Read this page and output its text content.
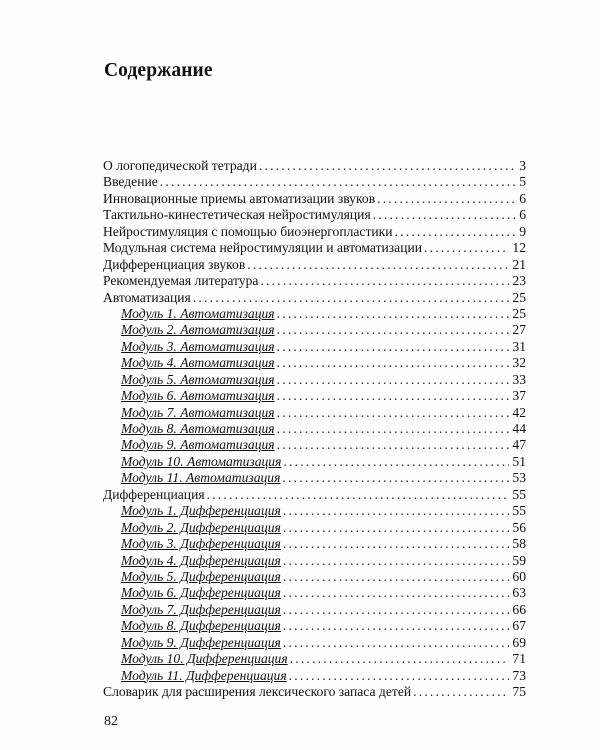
Содержание
О логопедической тетради . . .	3
Введение . . .	5
Инновационные приемы автоматизации звуков . . .	6
Тактильно-кинестетическая нейростимуляция . . .	6
Нейростимуляция с помощью биоэнергопластики . . .	9
Модульная система нейростимуляции и автоматизации . . .	12
Дифференциация звуков . . .	21
Рекомендуемая литература . . .	23
Автоматизация . . .	25
Модуль 1. Автоматизация . . .	25
Модуль 2. Автоматизация . . .	27
Модуль 3. Автоматизация . . .	31
Модуль 4. Автоматизация . . .	32
Модуль 5. Автоматизация . . .	33
Модуль 6. Автоматизация . . .	37
Модуль 7. Автоматизация . . .	42
Модуль 8. Автоматизация . . .	44
Модуль 9. Автоматизация . . .	47
Модуль 10. Автоматизация . . .	51
Модуль 11. Автоматизация . . .	53
Дифференциация . . .	55
Модуль 1. Дифференциация . . .	55
Модуль 2. Дифференциация . . .	56
Модуль 3. Дифференциация . . .	58
Модуль 4. Дифференциация . . .	59
Модуль 5. Дифференциация . . .	60
Модуль 6. Дифференциация . . .	63
Модуль 7. Дифференциация . . .	66
Модуль 8. Дифференциация . . .	67
Модуль 9. Дифференциация . . .	69
Модуль 10. Дифференциация . . .	71
Модуль 11. Дифференциация . . .	73
Словарик для расширения лексического запаса детей . . .	75
82
